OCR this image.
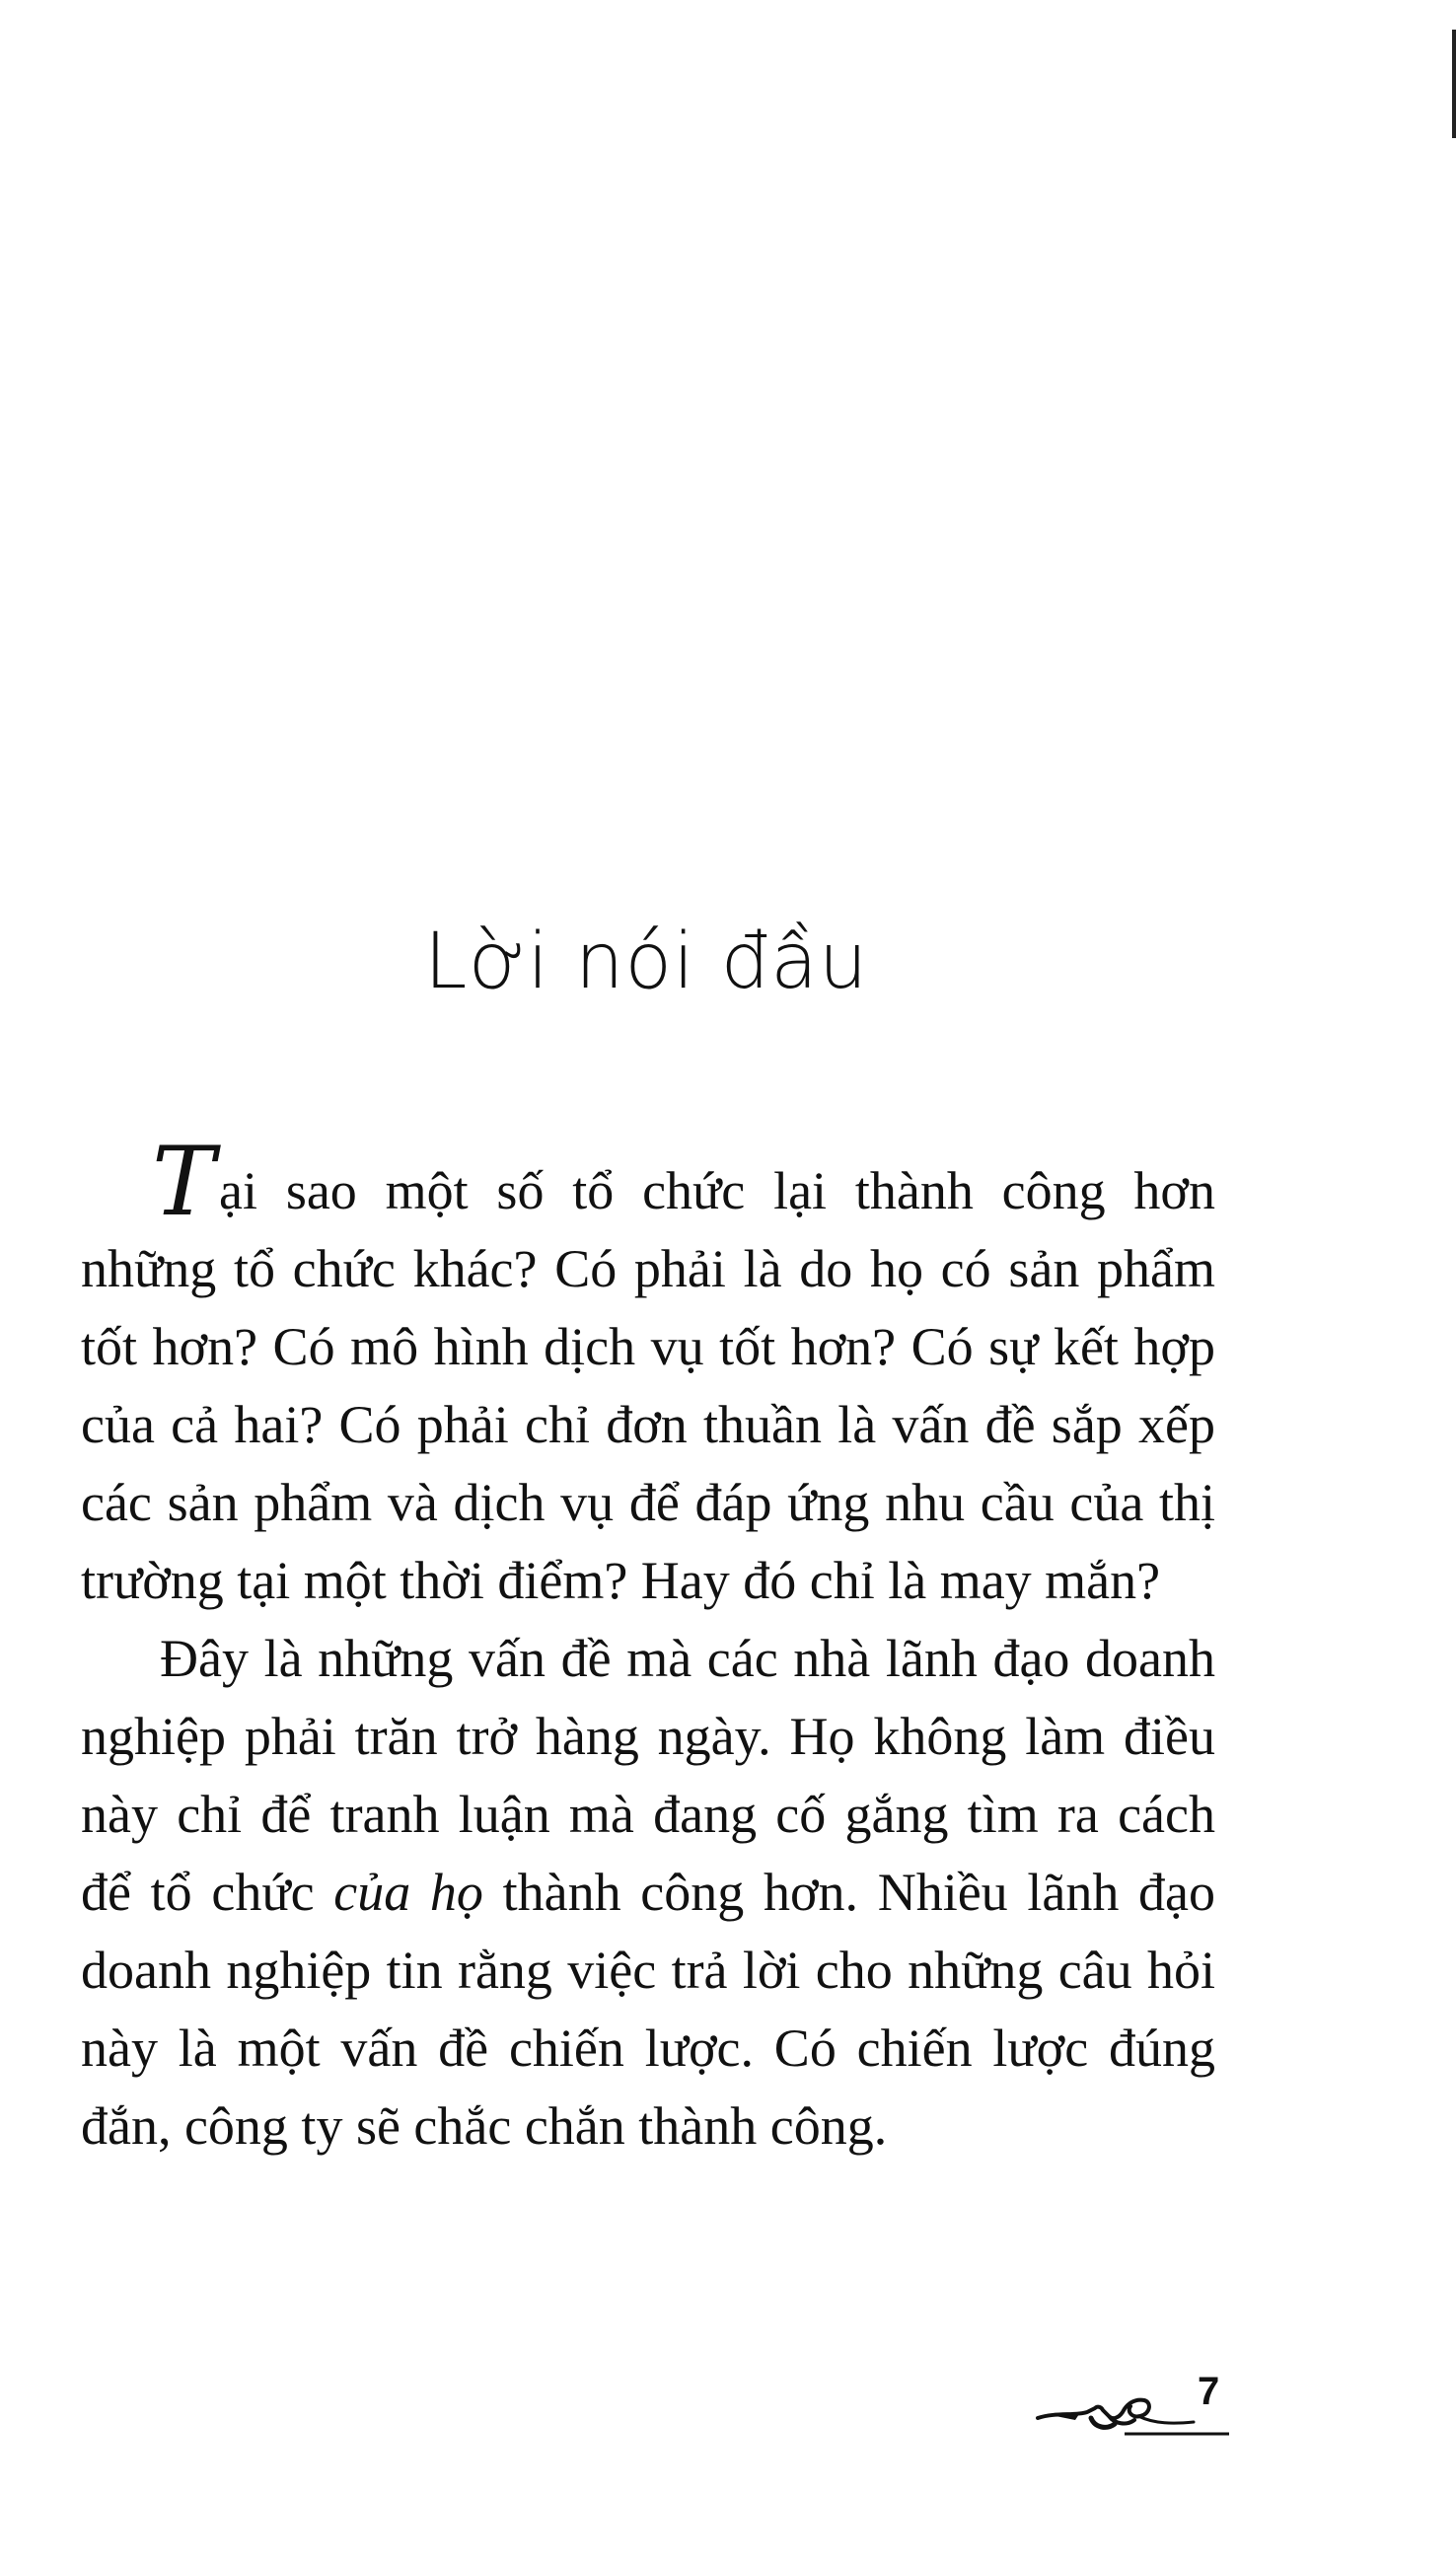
Lời nói đầu

Tại sao một số tổ chức lại thành công hơn những tổ chức khác? Có phải là do họ có sản phẩm tốt hơn? Có mô hình dịch vụ tốt hơn? Có sự kết hợp của cả hai? Có phải chỉ đơn thuần là vấn đề sắp xếp các sản phẩm và dịch vụ để đáp ứng nhu cầu của thị trường tại một thời điểm? Hay đó chỉ là may mắn?

Đây là những vấn đề mà các nhà lãnh đạo doanh nghiệp phải trăn trở hàng ngày. Họ không làm điều này chỉ để tranh luận mà đang cố gắng tìm ra cách để tổ chức của họ thành công hơn. Nhiều lãnh đạo doanh nghiệp tin rằng việc trả lời cho những câu hỏi này là một vấn đề chiến lược. Có chiến lược đúng đắn, công ty sẽ chắc chắn thành công.

7
